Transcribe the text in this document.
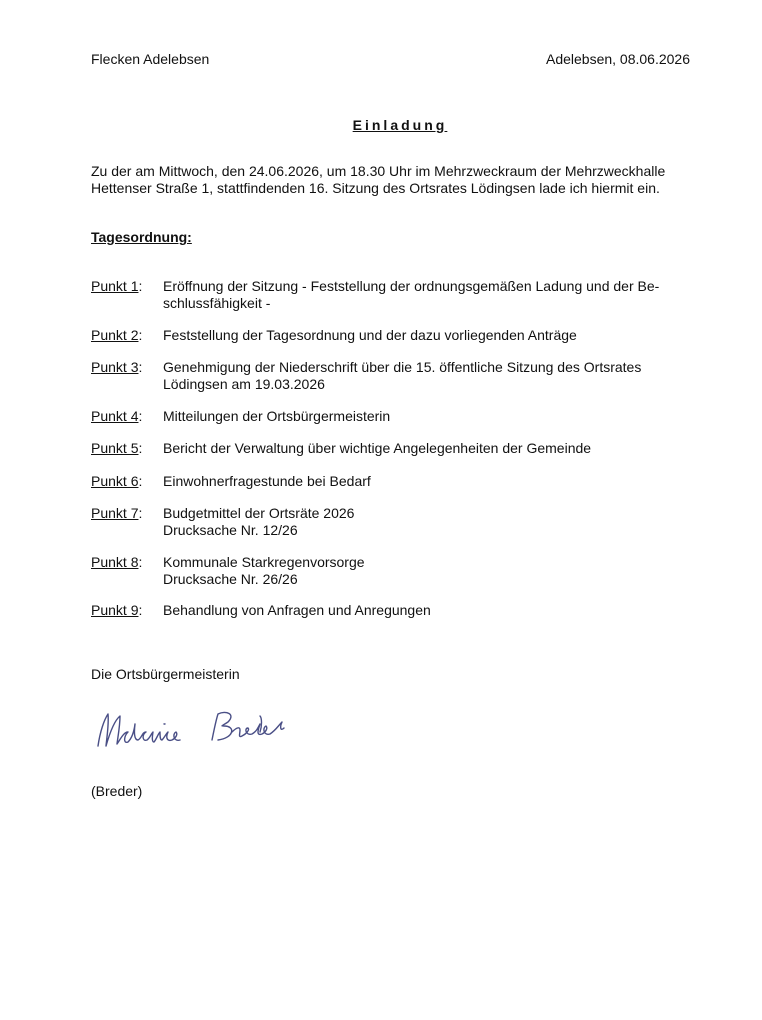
Flecken Adelebsen	Adelebsen, 08.06.2026
Einladung
Zu der am Mittwoch, den 24.06.2026, um 18.30 Uhr im Mehrzweckraum der Mehrzweckhalle
Hettenser Straße 1, stattfindenden 16. Sitzung des Ortsrates Lödingsen lade ich hiermit ein.
Tagesordnung:
Punkt 1: Eröffnung der Sitzung - Feststellung der ordnungsgemäßen Ladung und der Be-
schlussfähigkeit -
Punkt 2: Feststellung der Tagesordnung und der dazu vorliegenden Anträge
Punkt 3: Genehmigung der Niederschrift über die 15. öffentliche Sitzung des Ortsrates
Lödingsen am 19.03.2026
Punkt 4: Mitteilungen der Ortsbürgermeisterin
Punkt 5: Bericht der Verwaltung über wichtige Angelegenheiten der Gemeinde
Punkt 6: Einwohnerfragestunde bei Bedarf
Punkt 7: Budgetmittel der Ortsräte 2026
Drucksache Nr. 12/26
Punkt 8: Kommunale Starkregenvorsorge
Drucksache Nr. 26/26
Punkt 9: Behandlung von Anfragen und Anregungen
Die Ortsbürgermeisterin
(Breder)
